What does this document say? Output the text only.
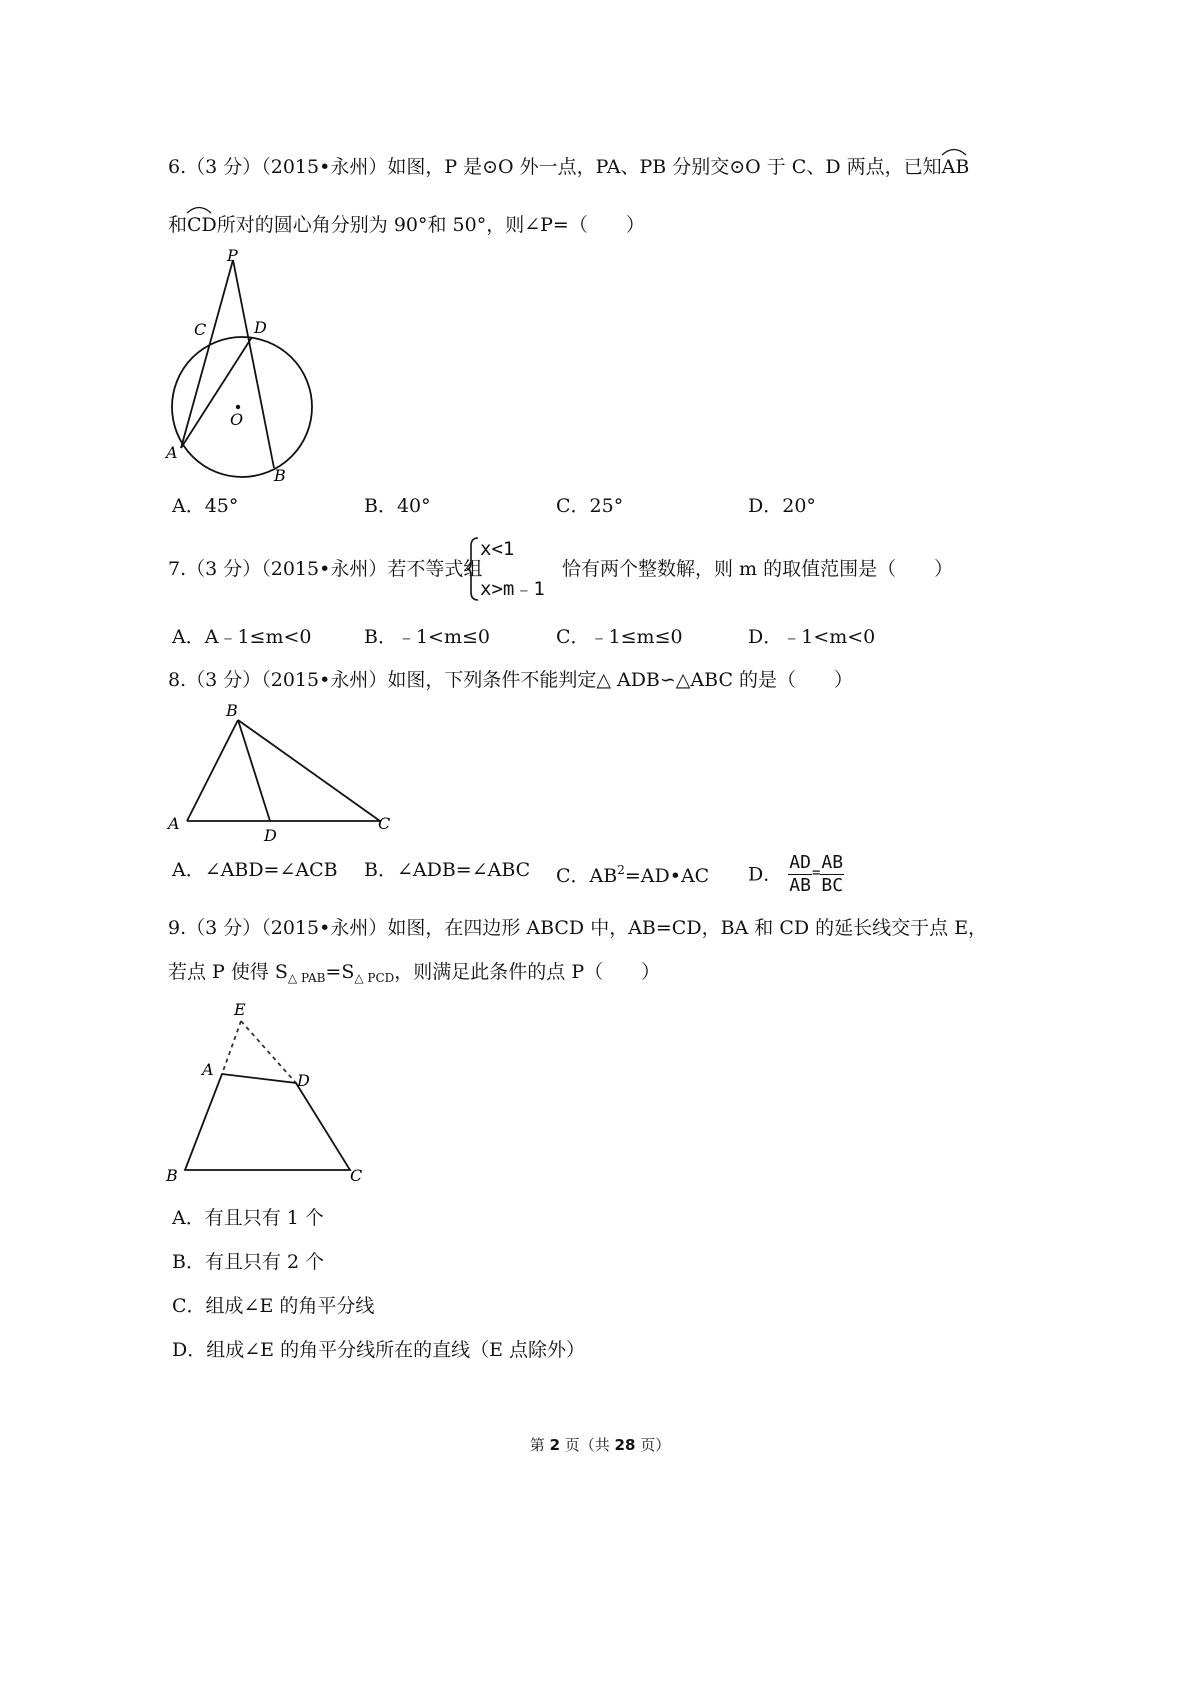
6.（3 分）（2015•永州）如图，P 是⊙O 外一点，PA、PB 分别交⊙O 于 C、D 两点，已知
AB
和
CD所对的圆心角分别为 90°和 50°，则∠P=（　　）
P
C	D
O
A
B
A．45°	B．40°	C．25°	D．20°
7.（3 分）（2015•永州）若不等式组
x<1
x>m﹣1
恰有两个整数解，则 m 的取值范围是（　　）
A．A﹣1≤m<0	B．﹣1<m≤0	C．﹣1≤m≤0	D．﹣1<m<0
8.（3 分）（2015•永州）如图，下列条件不能判定△ ADB∽△ABC 的是（　　）
B
A
D
C
A．∠ABD=∠ACB B．∠ADB=∠ABC C．$AB^2=AD•AC$ D． $\frac{AD}{AB} = \frac{AB}{BC}$
9.（3 分）（2015•永州）如图，在四边形 ABCD 中，AB=CD，BA 和 CD 的延长线交于点 E，
若点 P 使得 $S_{\triangle PAB}=S_{\triangle PCD}$，则满足此条件的点 P（　　）
E
A
D
B	C
A．有且只有 1 个
B．有且只有 2 个
C．组成∠E 的角平分线
D．组成∠E 的角平分线所在的直线（E 点除外）
第 2 页（共 28 页）
